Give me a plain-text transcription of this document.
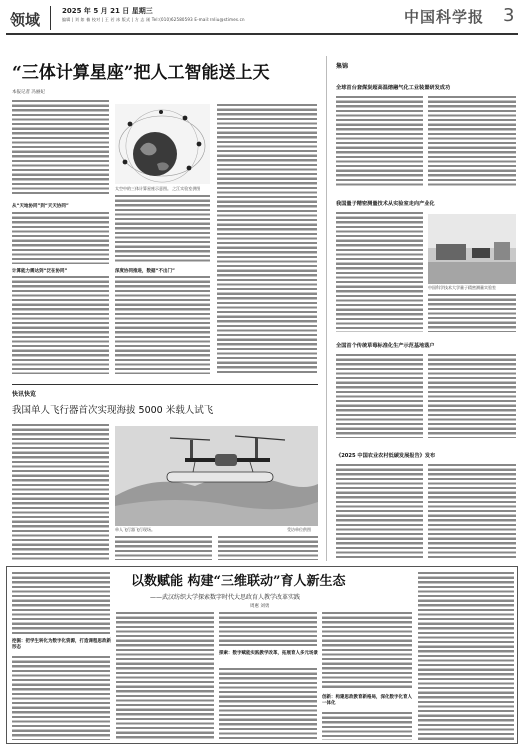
领域	2025 年 5 月 21 日 星期三
编辑 | 刘 如 楠 校对 | 王 若 冰 版式 | 方 志 刚 Tel:(010)62580593 E-mail:rnliu@stimes.cn	中国科学报 3
“三体计算星座”把人工智能送上天
本报记者 冯丽妃
从“天地协同”到“天天协同”
计算能力需达到“泛在协同”
太空中的三体计算星座示意图。 之江实验室供图
深度协同推进，数据“不出门”
快讯快览
我国单人飞行器首次实现海拔 5000 米载人试飞
单人飞行器飞行现场。	受访单位供图
集锦
全球首台套煤炭超高温熔融气化工业装置研发成功
我国量子精密测量技术从实验室走向产业化
中国科学技术大学量子精密测量实验室
全国首个传统草莓标准化生产示范基地落户
《2025 中国农业农村低碳发展报告》发布
挖掘：把学生转化为数字化资源，打造课程思政新形态
以数赋能 构建“三维联动”育人新生态
——武汉纺织大学探索数字时代大思政育人教学改革实践
周惠 刘勇
探索：数字赋能实践教学改革，拓展育人多元场景
创新：构建思政教育新格局，深化数字化育人一体化
